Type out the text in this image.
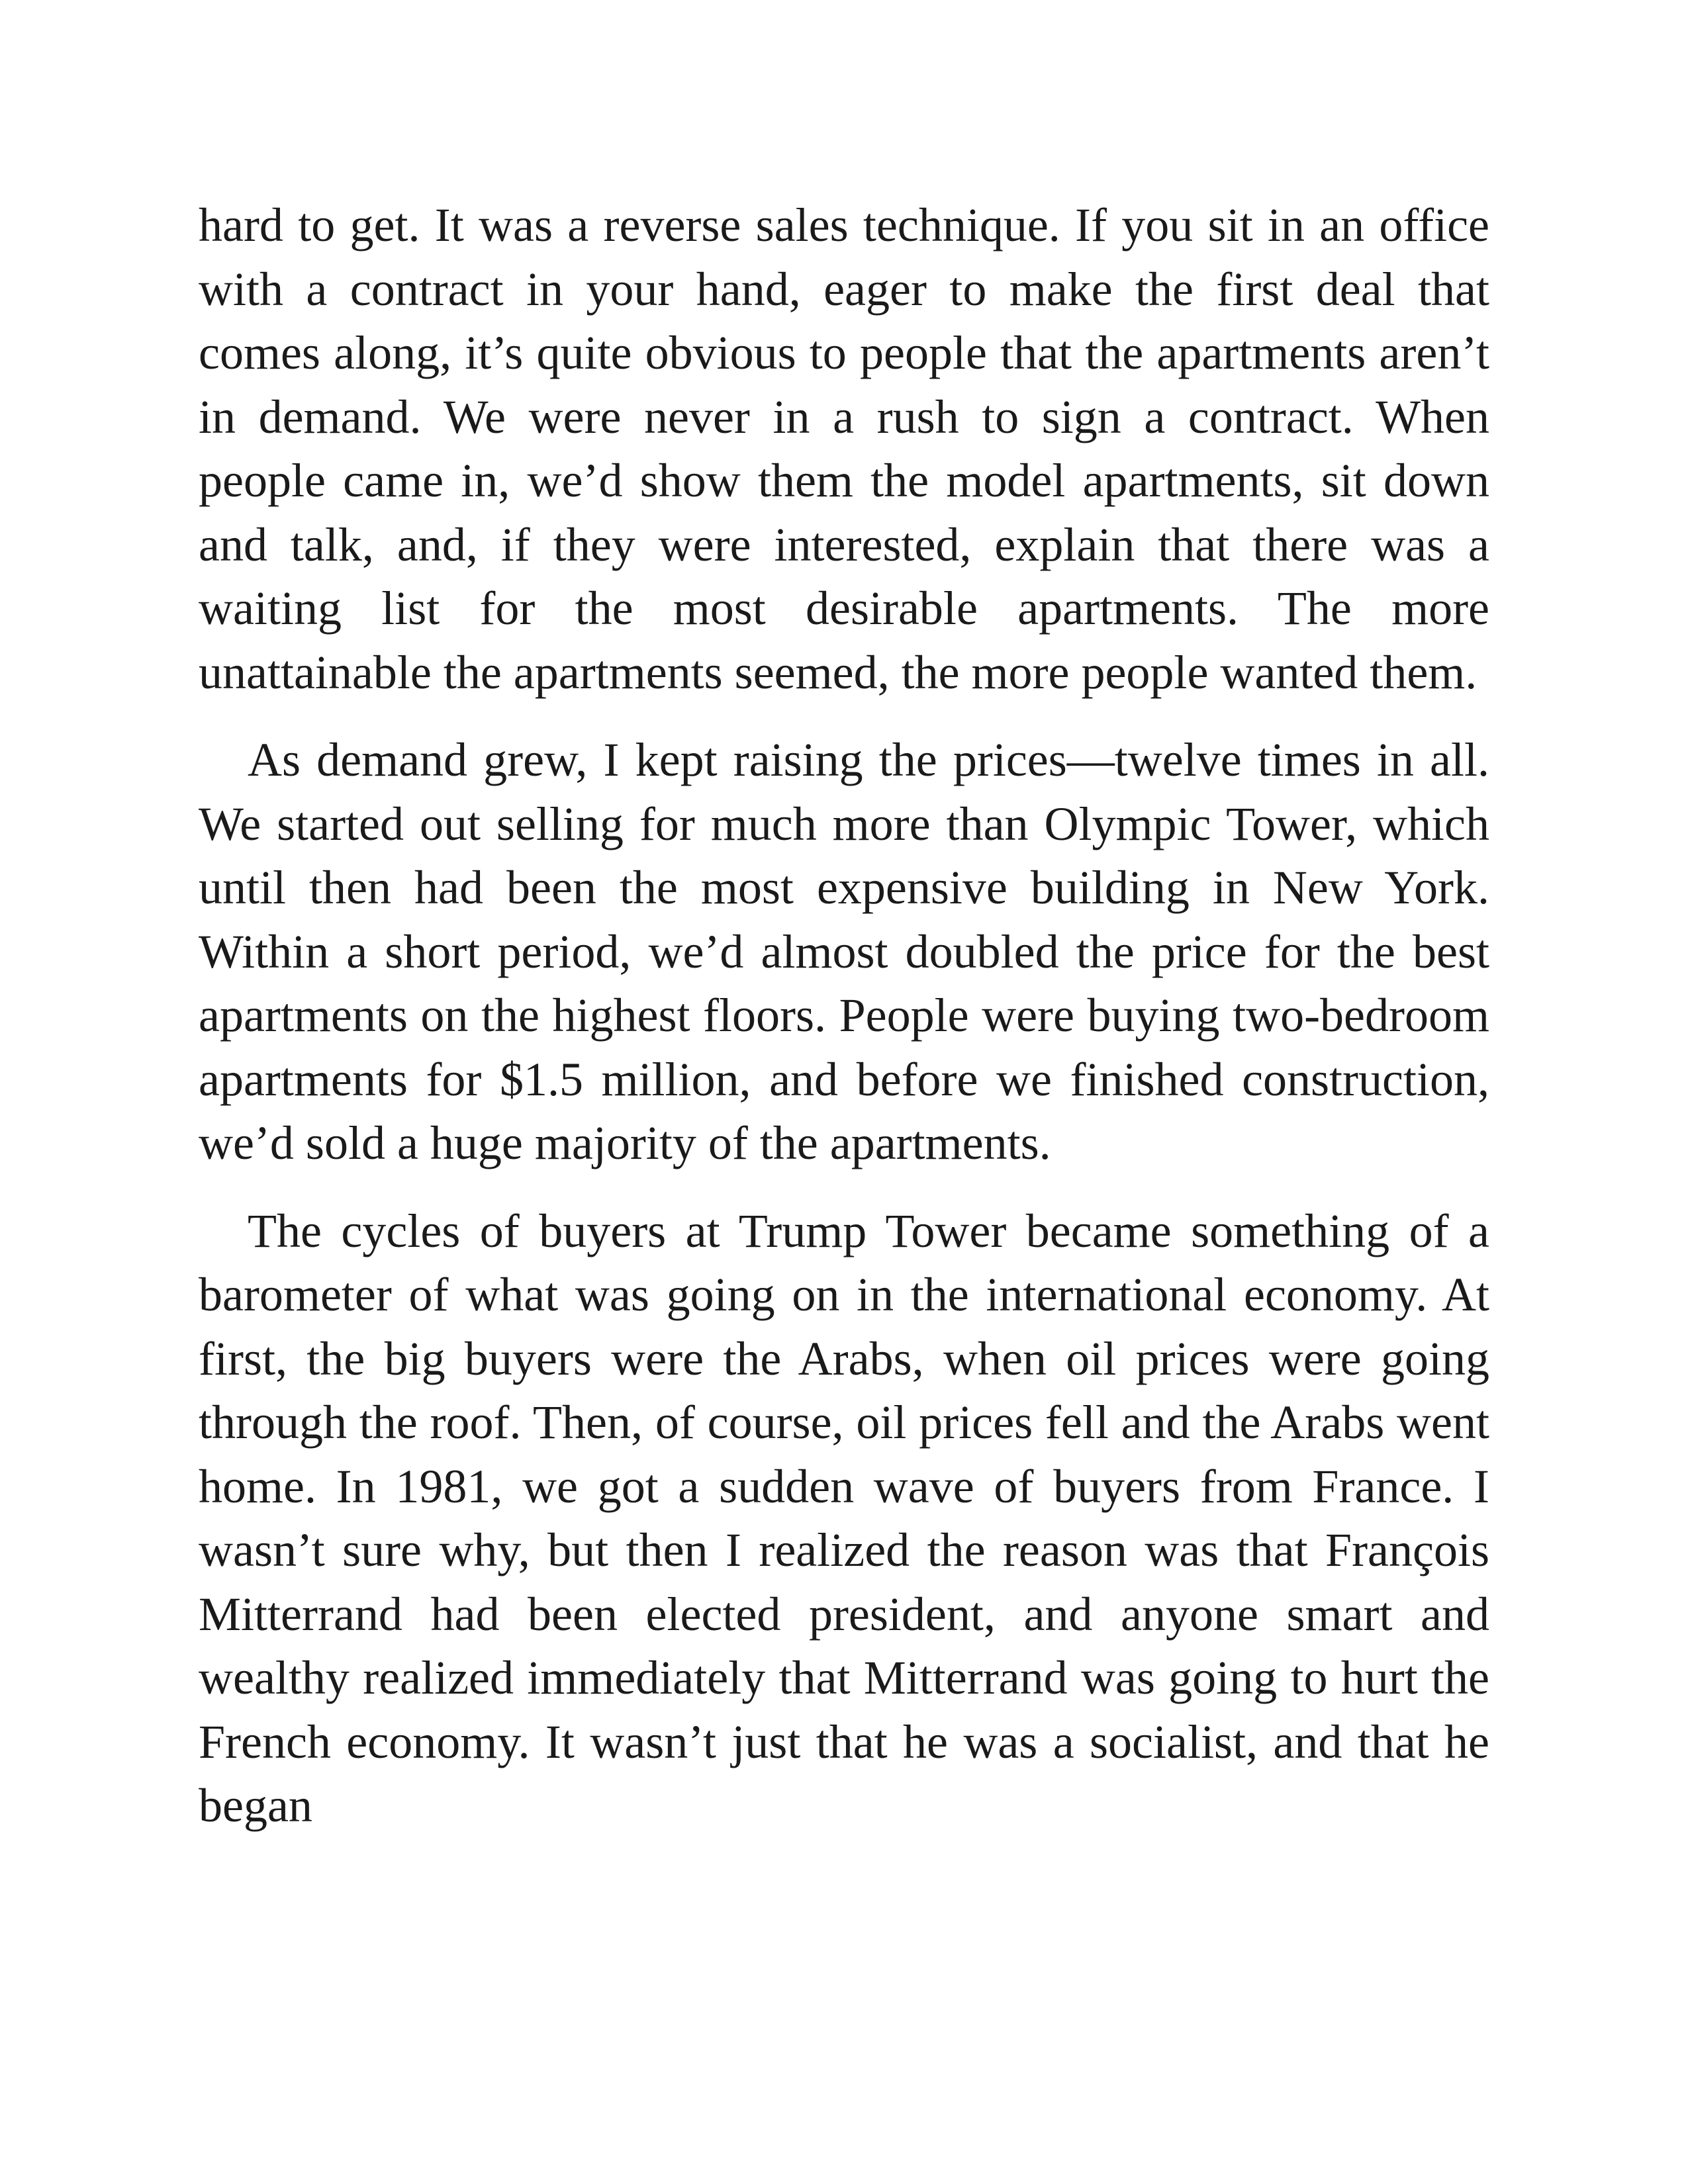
hard to get. It was a reverse sales technique. If you sit in an office with a contract in your hand, eager to make the first deal that comes along, it’s quite obvious to people that the apartments aren’t in demand. We were never in a rush to sign a contract. When people came in, we’d show them the model apartments, sit down and talk, and, if they were interested, explain that there was a waiting list for the most desirable apartments. The more unattainable the apartments seemed, the more people wanted them.

As demand grew, I kept raising the prices—twelve times in all. We started out selling for much more than Olympic Tower, which until then had been the most expensive building in New York. Within a short period, we’d almost doubled the price for the best apartments on the highest floors. People were buying two-bedroom apartments for $1.5 million, and before we finished construction, we’d sold a huge majority of the apartments.

The cycles of buyers at Trump Tower became something of a barometer of what was going on in the international economy. At first, the big buyers were the Arabs, when oil prices were going through the roof. Then, of course, oil prices fell and the Arabs went home. In 1981, we got a sudden wave of buyers from France. I wasn’t sure why, but then I realized the reason was that François Mitterrand had been elected president, and anyone smart and wealthy realized immediately that Mitterrand was going to hurt the French economy. It wasn’t just that he was a socialist, and that he began
